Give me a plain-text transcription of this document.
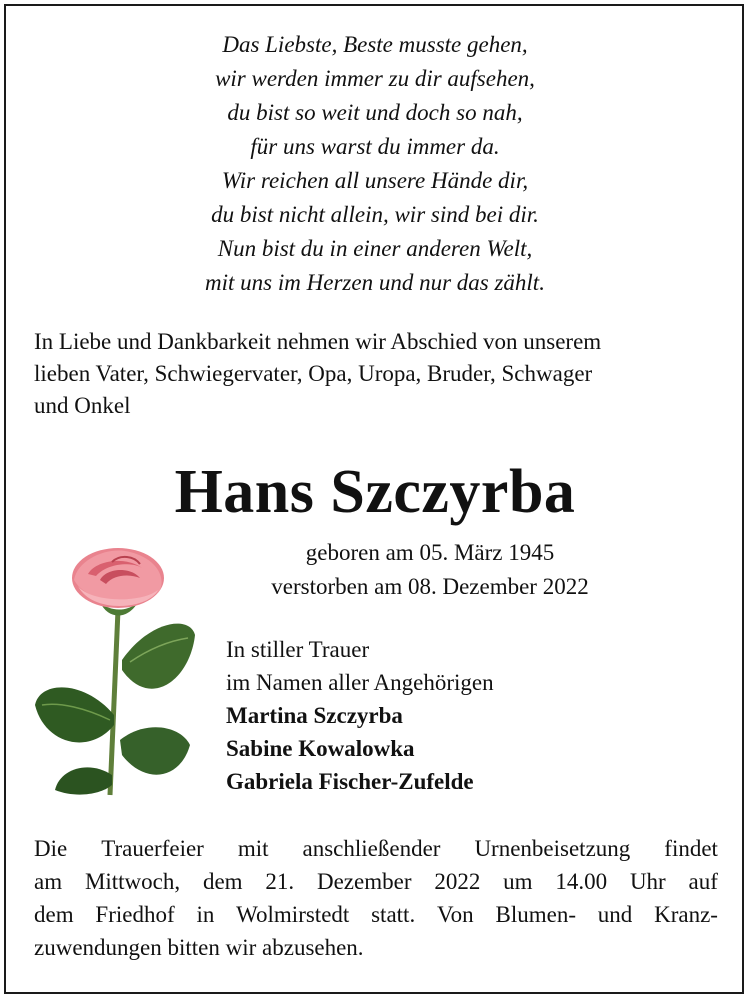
Das Liebste, Beste musste gehen,
wir werden immer zu dir aufsehen,
du bist so weit und doch so nah,
für uns warst du immer da.
Wir reichen all unsere Hände dir,
du bist nicht allein, wir sind bei dir.
Nun bist du in einer anderen Welt,
mit uns im Herzen und nur das zählt.
In Liebe und Dankbarkeit nehmen wir Abschied von unserem
lieben Vater, Schwiegervater, Opa, Uropa, Bruder, Schwager
und Onkel
Hans Szczyrba
geboren am 05. März 1945
verstorben am 08. Dezember 2022
In stiller Trauer
im Namen aller Angehörigen
Martina Szczyrba
Sabine Kowalowka
Gabriela Fischer-Zufelde
Die Trauerfeier mit anschließender Urnenbeisetzung findet
am Mittwoch, dem 21. Dezember 2022 um 14.00 Uhr auf
dem Friedhof in Wolmirstedt statt. Von Blumen- und Kranz-
zuwendungen bitten wir abzusehen.
